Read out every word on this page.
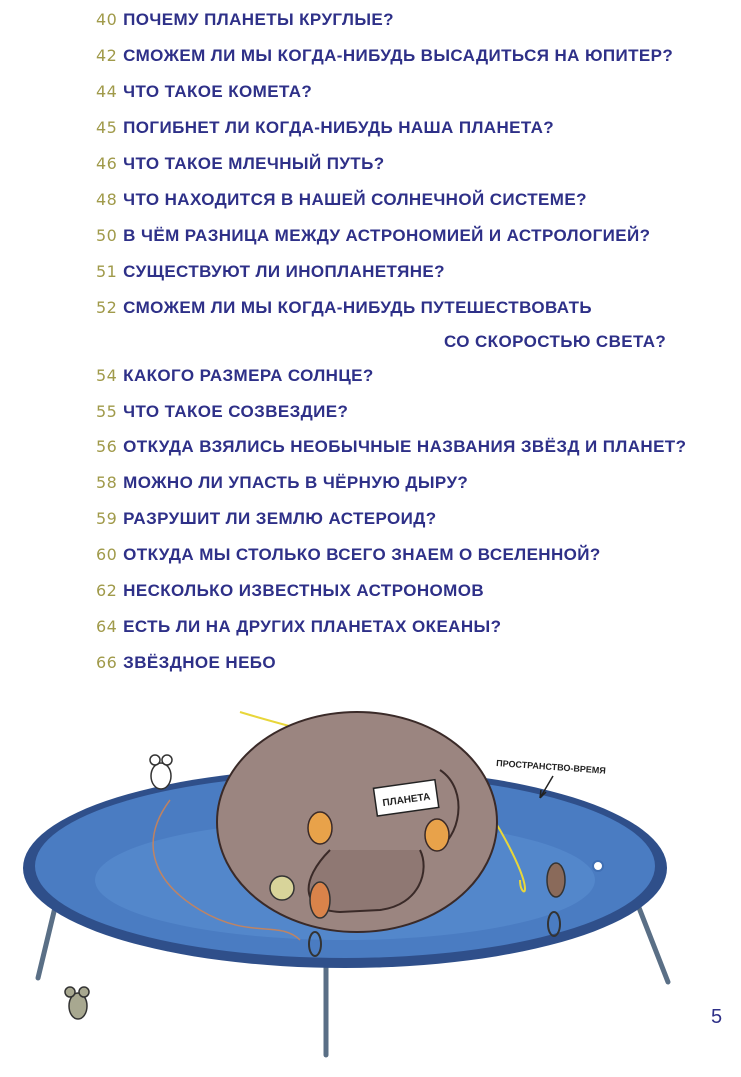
40 ПОЧЕМУ ПЛАНЕТЫ КРУГЛЫЕ?
42 СМОЖЕМ ЛИ МЫ КОГДА-НИБУДЬ ВЫСАДИТЬСЯ НА ЮПИТЕР?
44 ЧТО ТАКОЕ КОМЕТА?
45 ПОГИБНЕТ ЛИ КОГДА-НИБУДЬ НАША ПЛАНЕТА?
46 ЧТО ТАКОЕ МЛЕЧНЫЙ ПУТЬ?
48 ЧТО НАХОДИТСЯ В НАШЕЙ СОЛНЕЧНОЙ СИСТЕМЕ?
50 В ЧЁМ РАЗНИЦА МЕЖДУ АСТРОНОМИЕЙ И АСТРОЛОГИЕЙ?
51 СУЩЕСТВУЮТ ЛИ ИНОПЛАНЕТЯНЕ?
52 СМОЖЕМ ЛИ МЫ КОГДА-НИБУДЬ ПУТЕШЕСТВОВАТЬ
СО СКОРОСТЬЮ СВЕТА?
54 КАКОГО РАЗМЕРА СОЛНЦЕ?
55 ЧТО ТАКОЕ СОЗВЕЗДИЕ?
56 ОТКУДА ВЗЯЛИСЬ НЕОБЫЧНЫЕ НАЗВАНИЯ ЗВЁЗД И ПЛАНЕТ?
58 МОЖНО ЛИ УПАСТЬ В ЧЁРНУЮ ДЫРУ?
59 РАЗРУШИТ ЛИ ЗЕМЛЮ АСТЕРОИД?
60 ОТКУДА МЫ СТОЛЬКО ВСЕГО ЗНАЕМ О ВСЕЛЕННОЙ?
62 НЕСКОЛЬКО ИЗВЕСТНЫХ АСТРОНОМОВ
64 ЕСТЬ ЛИ НА ДРУГИХ ПЛАНЕТАХ ОКЕАНЫ?
66 ЗВЁЗДНОЕ НЕБО
ПЛАНЕТА
ПРОСТРАНСТВО-ВРЕМЯ
5
